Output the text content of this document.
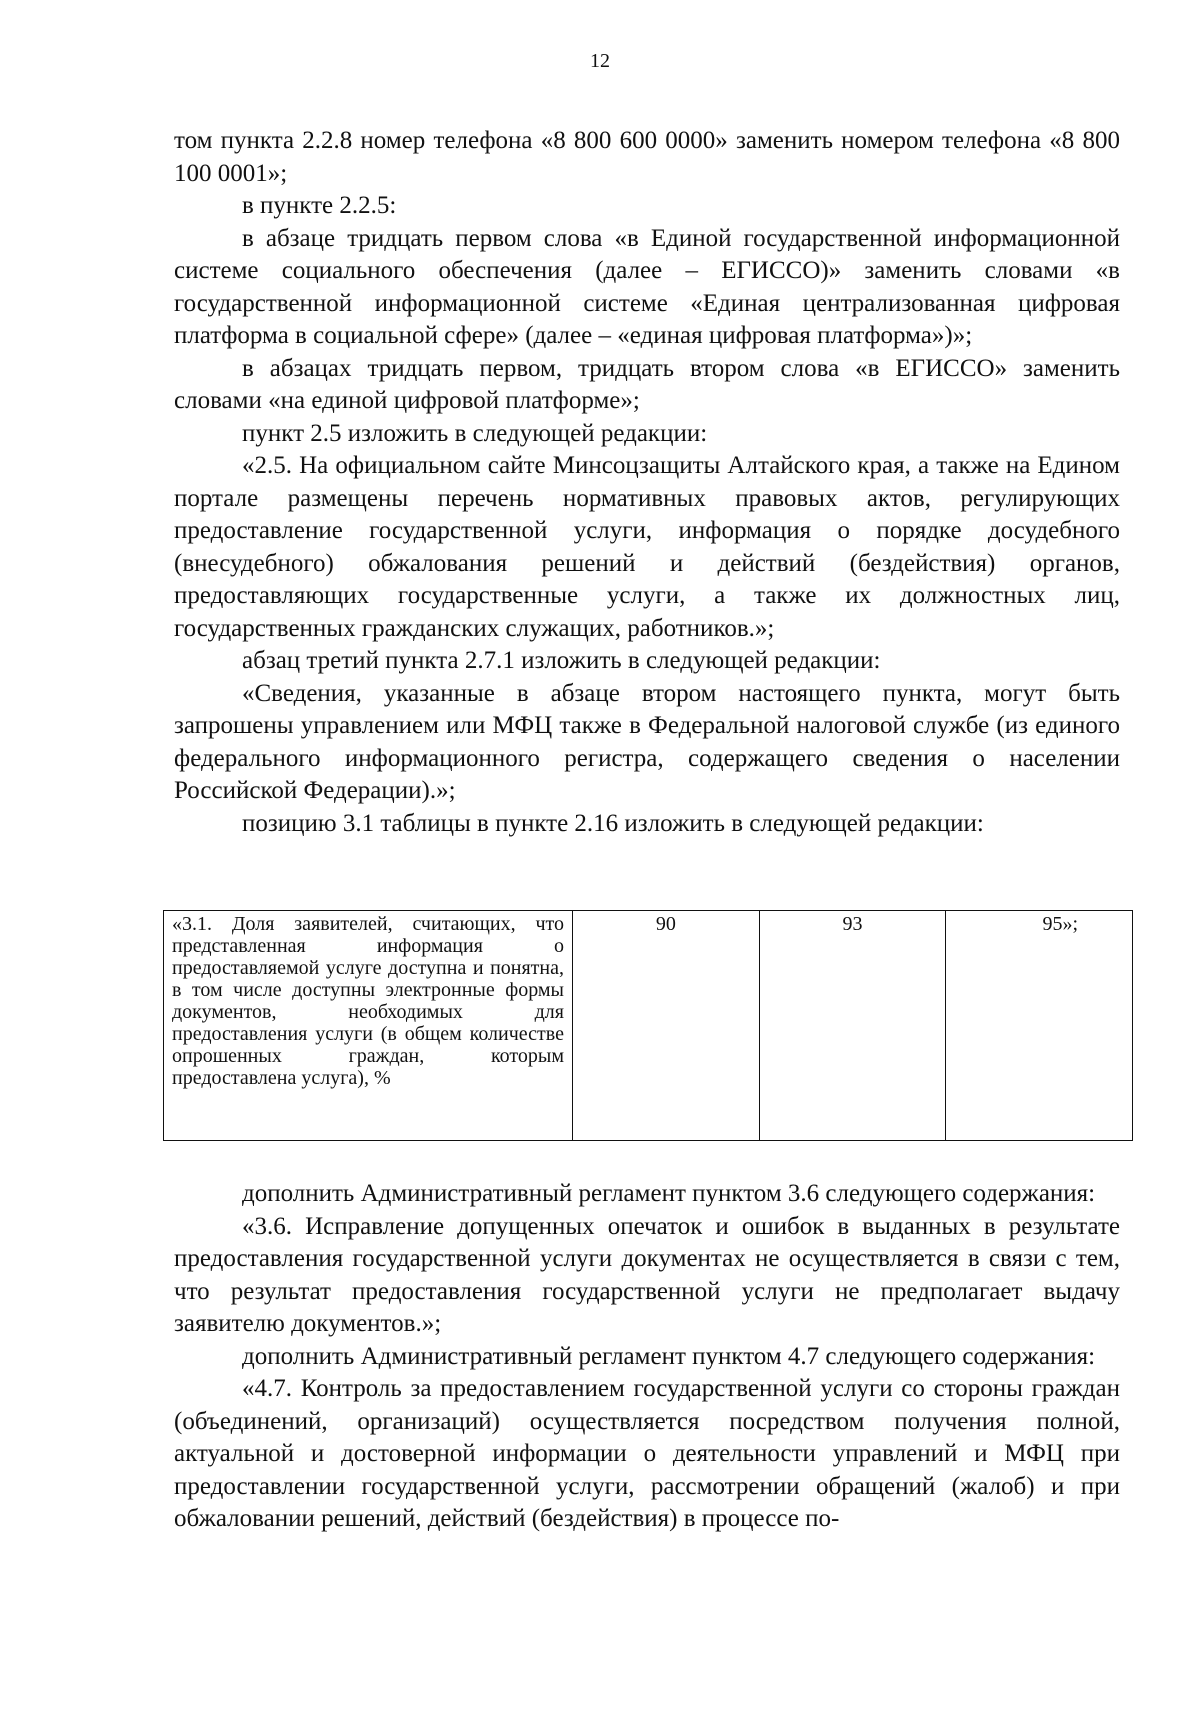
12

том пункта 2.2.8 номер телефона «8 800 600 0000» заменить номером телефона «8 800 100 0001»;

в пункте 2.2.5:

в абзаце тридцать первом слова «в Единой государственной информационной системе социального обеспечения (далее – ЕГИССО)» заменить словами «в государственной информационной системе «Единая централизованная цифровая платформа в социальной сфере» (далее – «единая цифровая платформа»)»;

в абзацах тридцать первом, тридцать втором слова «в ЕГИССО» заменить словами «на единой цифровой платформе»;

пункт 2.5 изложить в следующей редакции:

«2.5. На официальном сайте Минсоцзащиты Алтайского края, а также на Едином портале размещены перечень нормативных правовых актов, регулирующих предоставление государственной услуги, информация о порядке досудебного (внесудебного) обжалования решений и действий (бездействия) органов, предоставляющих государственные услуги, а также их должностных лиц, государственных гражданских служащих, работников.»;

абзац третий пункта 2.7.1 изложить в следующей редакции:

«Сведения, указанные в абзаце втором настоящего пункта, могут быть запрошены управлением или МФЦ также в Федеральной налоговой службе (из единого федерального информационного регистра, содержащего сведения о населении Российской Федерации).»;

позицию 3.1 таблицы в пункте 2.16 изложить в следующей редакции:

«3.1. Доля заявителей, считающих, что представленная информация о предоставляемой услуге доступна и понятна, в том числе доступны электронные формы документов, необходимых для предоставления услуги (в общем количестве опрошенных граждан, которым предоставлена услуга), %	90	93	95»;

дополнить Административный регламент пунктом 3.6 следующего содержания:

«3.6. Исправление допущенных опечаток и ошибок в выданных в результате предоставления государственной услуги документах не осуществляется в связи с тем, что результат предоставления государственной услуги не предполагает выдачу заявителю документов.»;

дополнить Административный регламент пунктом 4.7 следующего содержания:

«4.7. Контроль за предоставлением государственной услуги со стороны граждан (объединений, организаций) осуществляется посредством получения полной, актуальной и достоверной информации о деятельности управлений и МФЦ при предоставлении государственной услуги, рассмотрении обращений (жалоб) и при обжаловании решений, действий (бездействия) в процессе по-
